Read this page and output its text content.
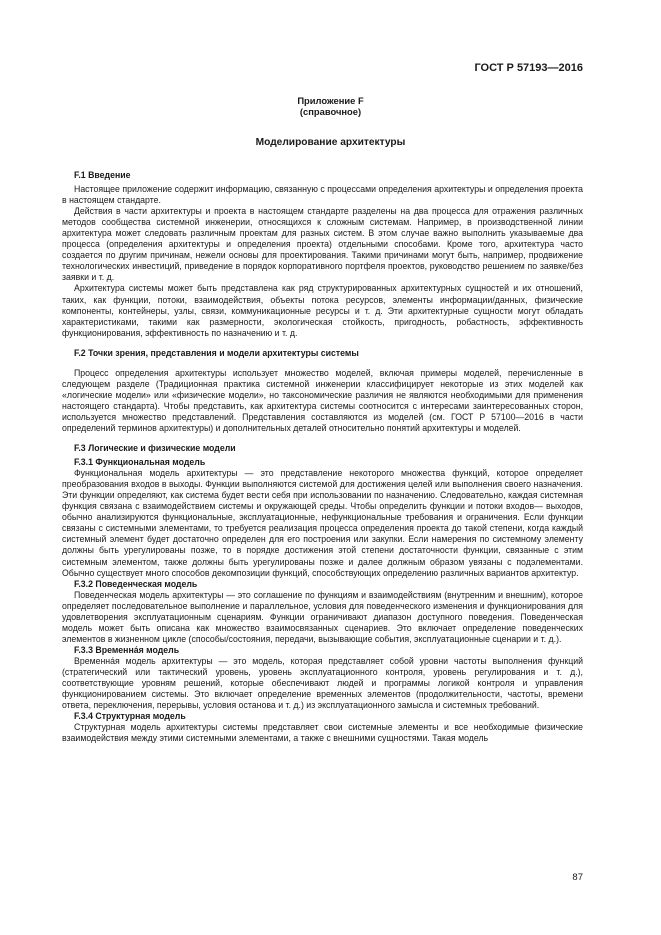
ГОСТ Р 57193—2016
Приложение F
(справочное)
Моделирование архитектуры
F.1 Введение

Настоящее приложение содержит информацию, связанную с процессами определения архитектуры и определения проекта в настоящем стандарте.

Действия в части архитектуры и проекта в настоящем стандарте разделены на два процесса для отражения различных методов сообщества системной инженерии, относящихся к сложным системам. Например, в производственной линии архитектура может следовать различным проектам для разных систем. В этом случае важно выполнить указываемые два процесса (определения архитектуры и определения проекта) отдельными способами. Кроме того, архитектура часто создается по другим причинам, нежели основы для проектирования. Такими причинами могут быть, например, продвижение технологических инвестиций, приведение в порядок корпоративного портфеля проектов, руководство решением по заявке/без заявки и т. д.

Архитектура системы может быть представлена как ряд структурированных архитектурных сущностей и их отношений, таких, как функции, потоки, взаимодействия, объекты потока ресурсов, элементы информации/данных, физические компоненты, контейнеры, узлы, связи, коммуникационные ресурсы и т. д. Эти архитектурные сущности могут обладать характеристиками, такими как размерности, экологическая стойкость, пригодность, робастность, эффективность функционирования, эффективность по назначению и т. д.

F.2 Точки зрения, представления и модели архитектуры системы

Процесс определения архитектуры использует множество моделей, включая примеры моделей, перечисленные в следующем разделе (Традиционная практика системной инженерии классифицирует некоторые из этих моделей как «логические модели» или «физические модели», но таксономические различия не являются необходимыми для применения настоящего стандарта). Чтобы представить, как архитектура системы соотносится с интересами заинтересованных сторон, используется множество представлений. Представления составляются из моделей (см. ГОСТ Р 57100—2016 в части определений терминов архитектуры) и дополнительных деталей относительно понятий архитектуры и моделей.

F.3 Логические и физические модели
F.3.1 Функциональная модель

Функциональная модель архитектуры — это представление некоторого множества функций, которое определяет преобразования входов в выходы. Функции выполняются системой для достижения целей или выполнения своего назначения. Эти функции определяют, как система будет вести себя при использовании по назначению. Следовательно, каждая системная функция связана с взаимодействием системы и окружающей среды. Чтобы определить функции и потоки входов— выходов, обычно анализируются функциональные, эксплуатационные, нефункциональные требования и ограничения. Если функции связаны с системными элементами, то требуется реализация процесса определения проекта до такой степени, когда каждый системный элемент будет достаточно определен для его построения или закупки. Если намерения по системному элементу должны быть урегулированы позже, то в порядке достижения этой степени достаточности функции, связанные с этим системным элементом, также должны быть урегулированы позже и далее должным образом увязаны с подэлементами. Обычно существует много способов декомпозиции функций, способствующих определению различных вариантов архитектур.

F.3.2 Поведенческая модель

Поведенческая модель архитектуры — это соглашение по функциям и взаимодействиям (внутренним и внешним), которое определяет последовательное выполнение и параллельное, условия для поведенческого изменения и функционирования для удовлетворения эксплуатационным сценариям. Функции ограничивают диапазон доступного поведения. Поведенческая модель может быть описана как множество взаимосвязанных сценариев. Это включает определение поведенческих элементов в жизненном цикле (способы/состояния, передачи, вызывающие события, эксплуатационные сценарии и т. д.).

F.3.3 Временна́я модель

Временна́я модель архитектуры — это модель, которая представляет собой уровни частоты выполнения функций (стратегический или тактический уровень, уровень эксплуатационного контроля, уровень регулирования и т. д.), соответствующие уровням решений, которые обеспечивают людей и программы логикой контроля и управления функционированием системы. Это включает определение временных элементов (продолжительности, частоты, времени ответа, переключения, перерывы, условия останова и т. д.) из эксплуатационного замысла и системных требований.

F.3.4 Структурная модель

Структурная модель архитектуры системы представляет свои системные элементы и все необходимые физические взаимодействия между этими системными элементами, а также с внешними сущностями. Такая модель

87
